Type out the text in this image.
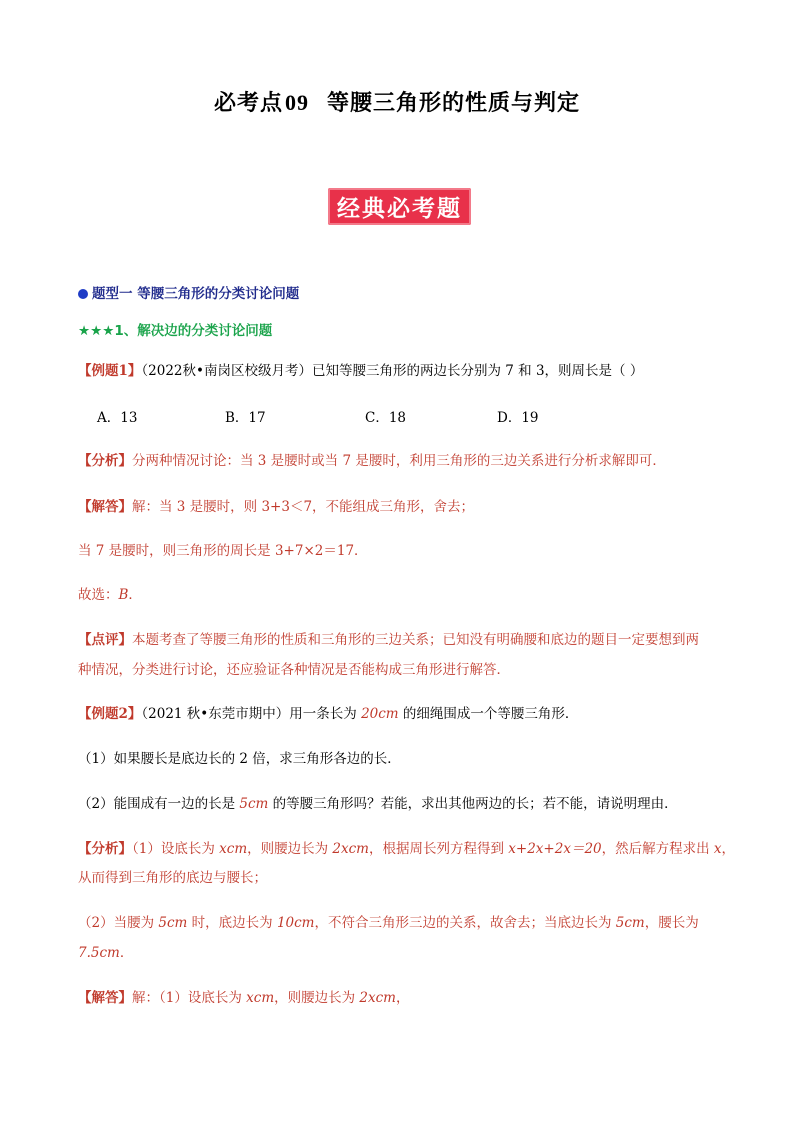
必考点09 等腰三角形的性质与判定
经典必考题
题型一 等腰三角形的分类讨论问题
★★★1、解决边的分类讨论问题
【例题1】（2022秋•南岗区校级月考）已知等腰三角形的两边长分别为 7 和 3，则周长是（ ）
A．13	B．17	C．18	D．19
【分析】分两种情况讨论：当 3 是腰时或当 7 是腰时，利用三角形的三边关系进行分析求解即可．
【解答】解：当 3 是腰时，则 3+3＜7，不能组成三角形，舍去；
当 7 是腰时，则三角形的周长是 3+7×2＝17．
故选：B．
【点评】本题考查了等腰三角形的性质和三角形的三边关系；已知没有明确腰和底边的题目一定要想到两
种情况，分类进行讨论，还应验证各种情况是否能构成三角形进行解答．
【例题2】（2021 秋•东莞市期中）用一条长为 20cm 的细绳围成一个等腰三角形．
（1）如果腰长是底边长的 2 倍，求三角形各边的长．
（2）能围成有一边的长是 5cm 的等腰三角形吗？若能，求出其他两边的长；若不能，请说明理由．
【分析】（1）设底长为 xcm，则腰边长为 2xcm，根据周长列方程得到 x+2x+2x＝20，然后解方程求出 x，
从而得到三角形的底边与腰长；
（2）当腰为 5cm 时，底边长为 10cm，不符合三角形三边的关系，故舍去；当底边长为 5cm，腰长为
7.5cm．
【解答】解：（1）设底长为 xcm，则腰边长为 2xcm，
